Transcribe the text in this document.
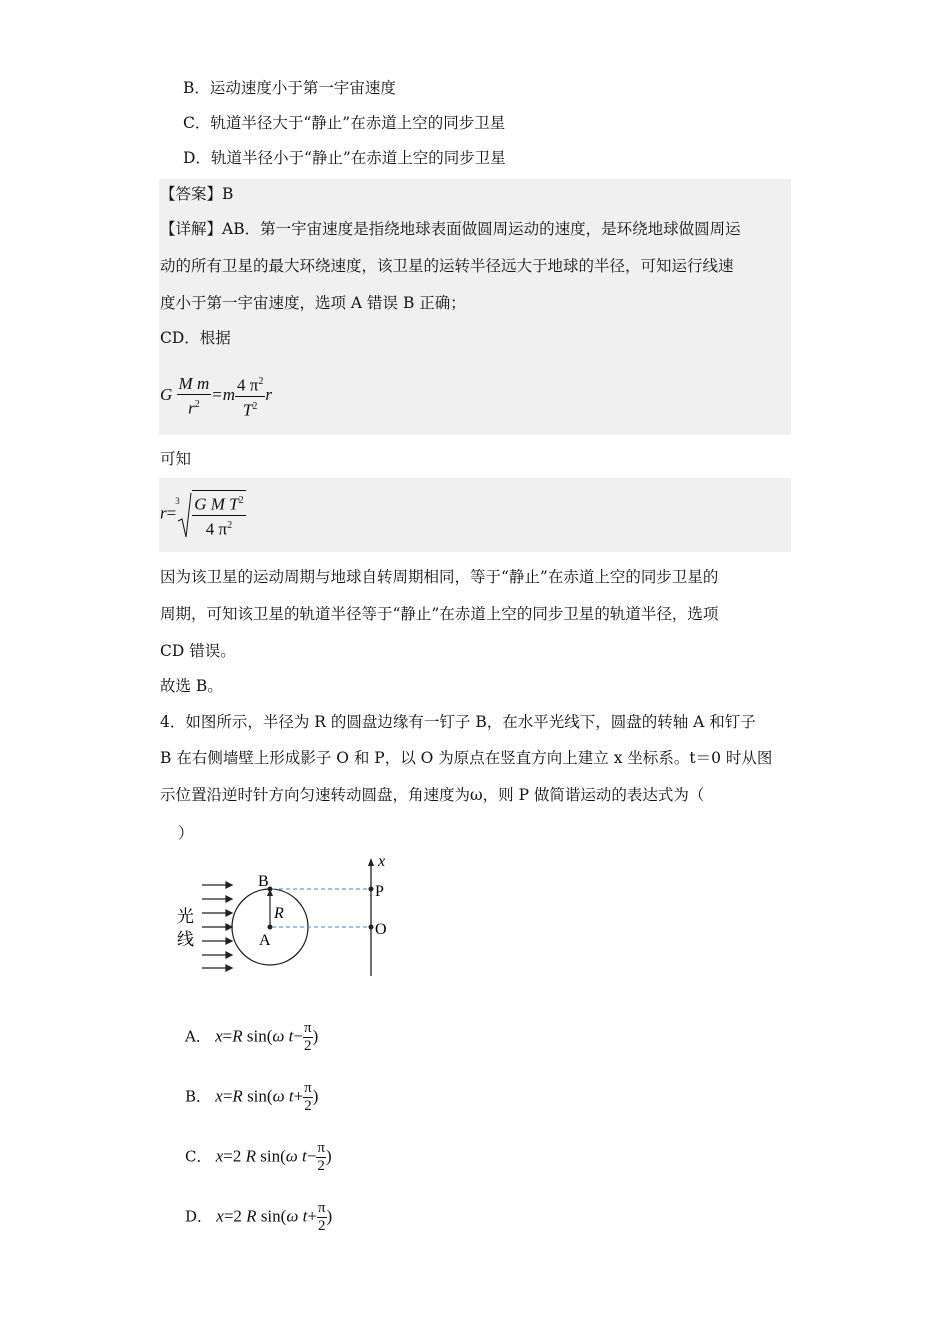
B．运动速度小于第一宇宙速度
C．轨道半径大于“静止”在赤道上空的同步卫星
D．轨道半径小于“静止”在赤道上空的同步卫星
【答案】B
【详解】AB．第一宇宙速度是指绕地球表面做圆周运动的速度，是环绕地球做圆周运
动的所有卫星的最大环绕速度，该卫星的运转半径远大于地球的半径，可知运行线速
度小于第一宇宙速度，选项 A 错误 B 正确；
CD．根据
G $\frac{\text{M m}}{r^2} =m \frac{4 \pi^2}{T^2}$ r
可知
r=
$3 \frac{G M T^2}{4 \pi^2}$
因为该卫星的运动周期与地球自转周期相同，等于“静止”在赤道上空的同步卫星的
周期，可知该卫星的轨道半径等于“静止”在赤道上空的同步卫星的轨道半径，选项
CD 错误。
故选 B。
4．如图所示，半径为 R 的圆盘边缘有一钉子 B，在水平光线下，圆盘的转轴 A 和钉子
B 在右侧墙壁上形成影子 O 和 P，以 O 为原点在竖直方向上建立 x 坐标系。t＝0 时从图
示位置沿逆时针方向匀速转动圆盘，角速度为ω，则 P 做简谐运动的表达式为（
）
光
线
B
A
R
x
P
O
A． x=R sin(ω $t- \frac{\pi}{2}$ )
B． x=R sin(ω $t+ \frac{\pi}{2}$ )
C． x=2 R sin(ω $t- \frac{\pi}{2}$ )
D． x=2 R sin(ω $t+ \frac{\pi}{2}$ )
